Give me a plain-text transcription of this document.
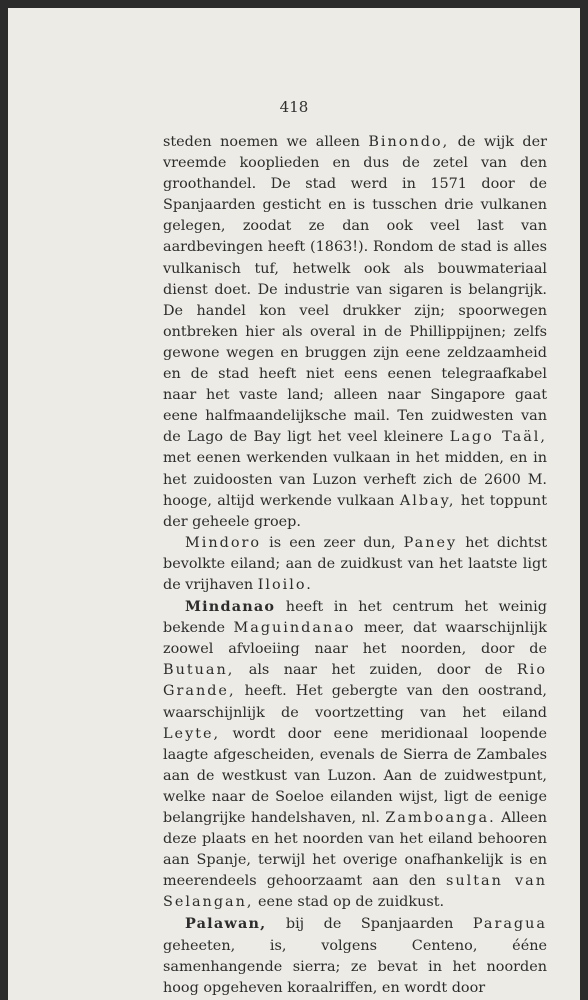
418

steden noemen we alleen Binondo, de wijk der vreemde kooplieden en dus de zetel van den groothandel. De stad werd in 1571 door de Spanjaarden gesticht en is tusschen drie vulkanen gelegen, zoodat ze dan ook veel last van aardbevingen heeft (1863!). Rondom de stad is alles vulkanisch tuf, hetwelk ook als bouwmateriaal dienst doet. De industrie van sigaren is belangrijk. De handel kon veel drukker zijn; spoorwegen ontbreken hier als overal in de Phillippijnen; zelfs gewone wegen en bruggen zijn eene zeldzaamheid en de stad heeft niet eens eenen telegraafkabel naar het vaste land; alleen naar Singapore gaat eene halfmaandelijksche mail. Ten zuidwesten van de Lago de Bay ligt het veel kleinere Lago Taäl, met eenen werkenden vulkaan in het midden, en in het zuidoosten van Luzon verheft zich de 2600 M. hooge, altijd werkende vulkaan Albay, het toppunt der geheele groep.

Mindoro is een zeer dun, Paney het dichtst bevolkte eiland; aan de zuidkust van het laatste ligt de vrijhaven Iloilo.

Mindanao heeft in het centrum het weinig bekende Maguindanao meer, dat waarschijnlijk zoowel afvloeiing naar het noorden, door de Butuan, als naar het zuiden, door de Rio Grande, heeft. Het gebergte van den oostrand, waarschijnlijk de voortzetting van het eiland Leyte, wordt door eene meridionaal loopende laagte afgescheiden, evenals de Sierra de Zambales aan de westkust van Luzon. Aan de zuidwestpunt, welke naar de Soeloe eilanden wijst, ligt de eenige belangrijke handelshaven, nl. Zamboanga. Alleen deze plaats en het noorden van het eiland behooren aan Spanje, terwijl het overige onafhankelijk is en meerendeels gehoorzaamt aan den sultan van Selangan, eene stad op de zuidkust.

Palawan, bij de Spanjaarden Paragua geheeten, is, volgens Centeno, ééne samenhangende sierra; ze bevat in het noorden hoog opgeheven koraalriffen, en wordt door
